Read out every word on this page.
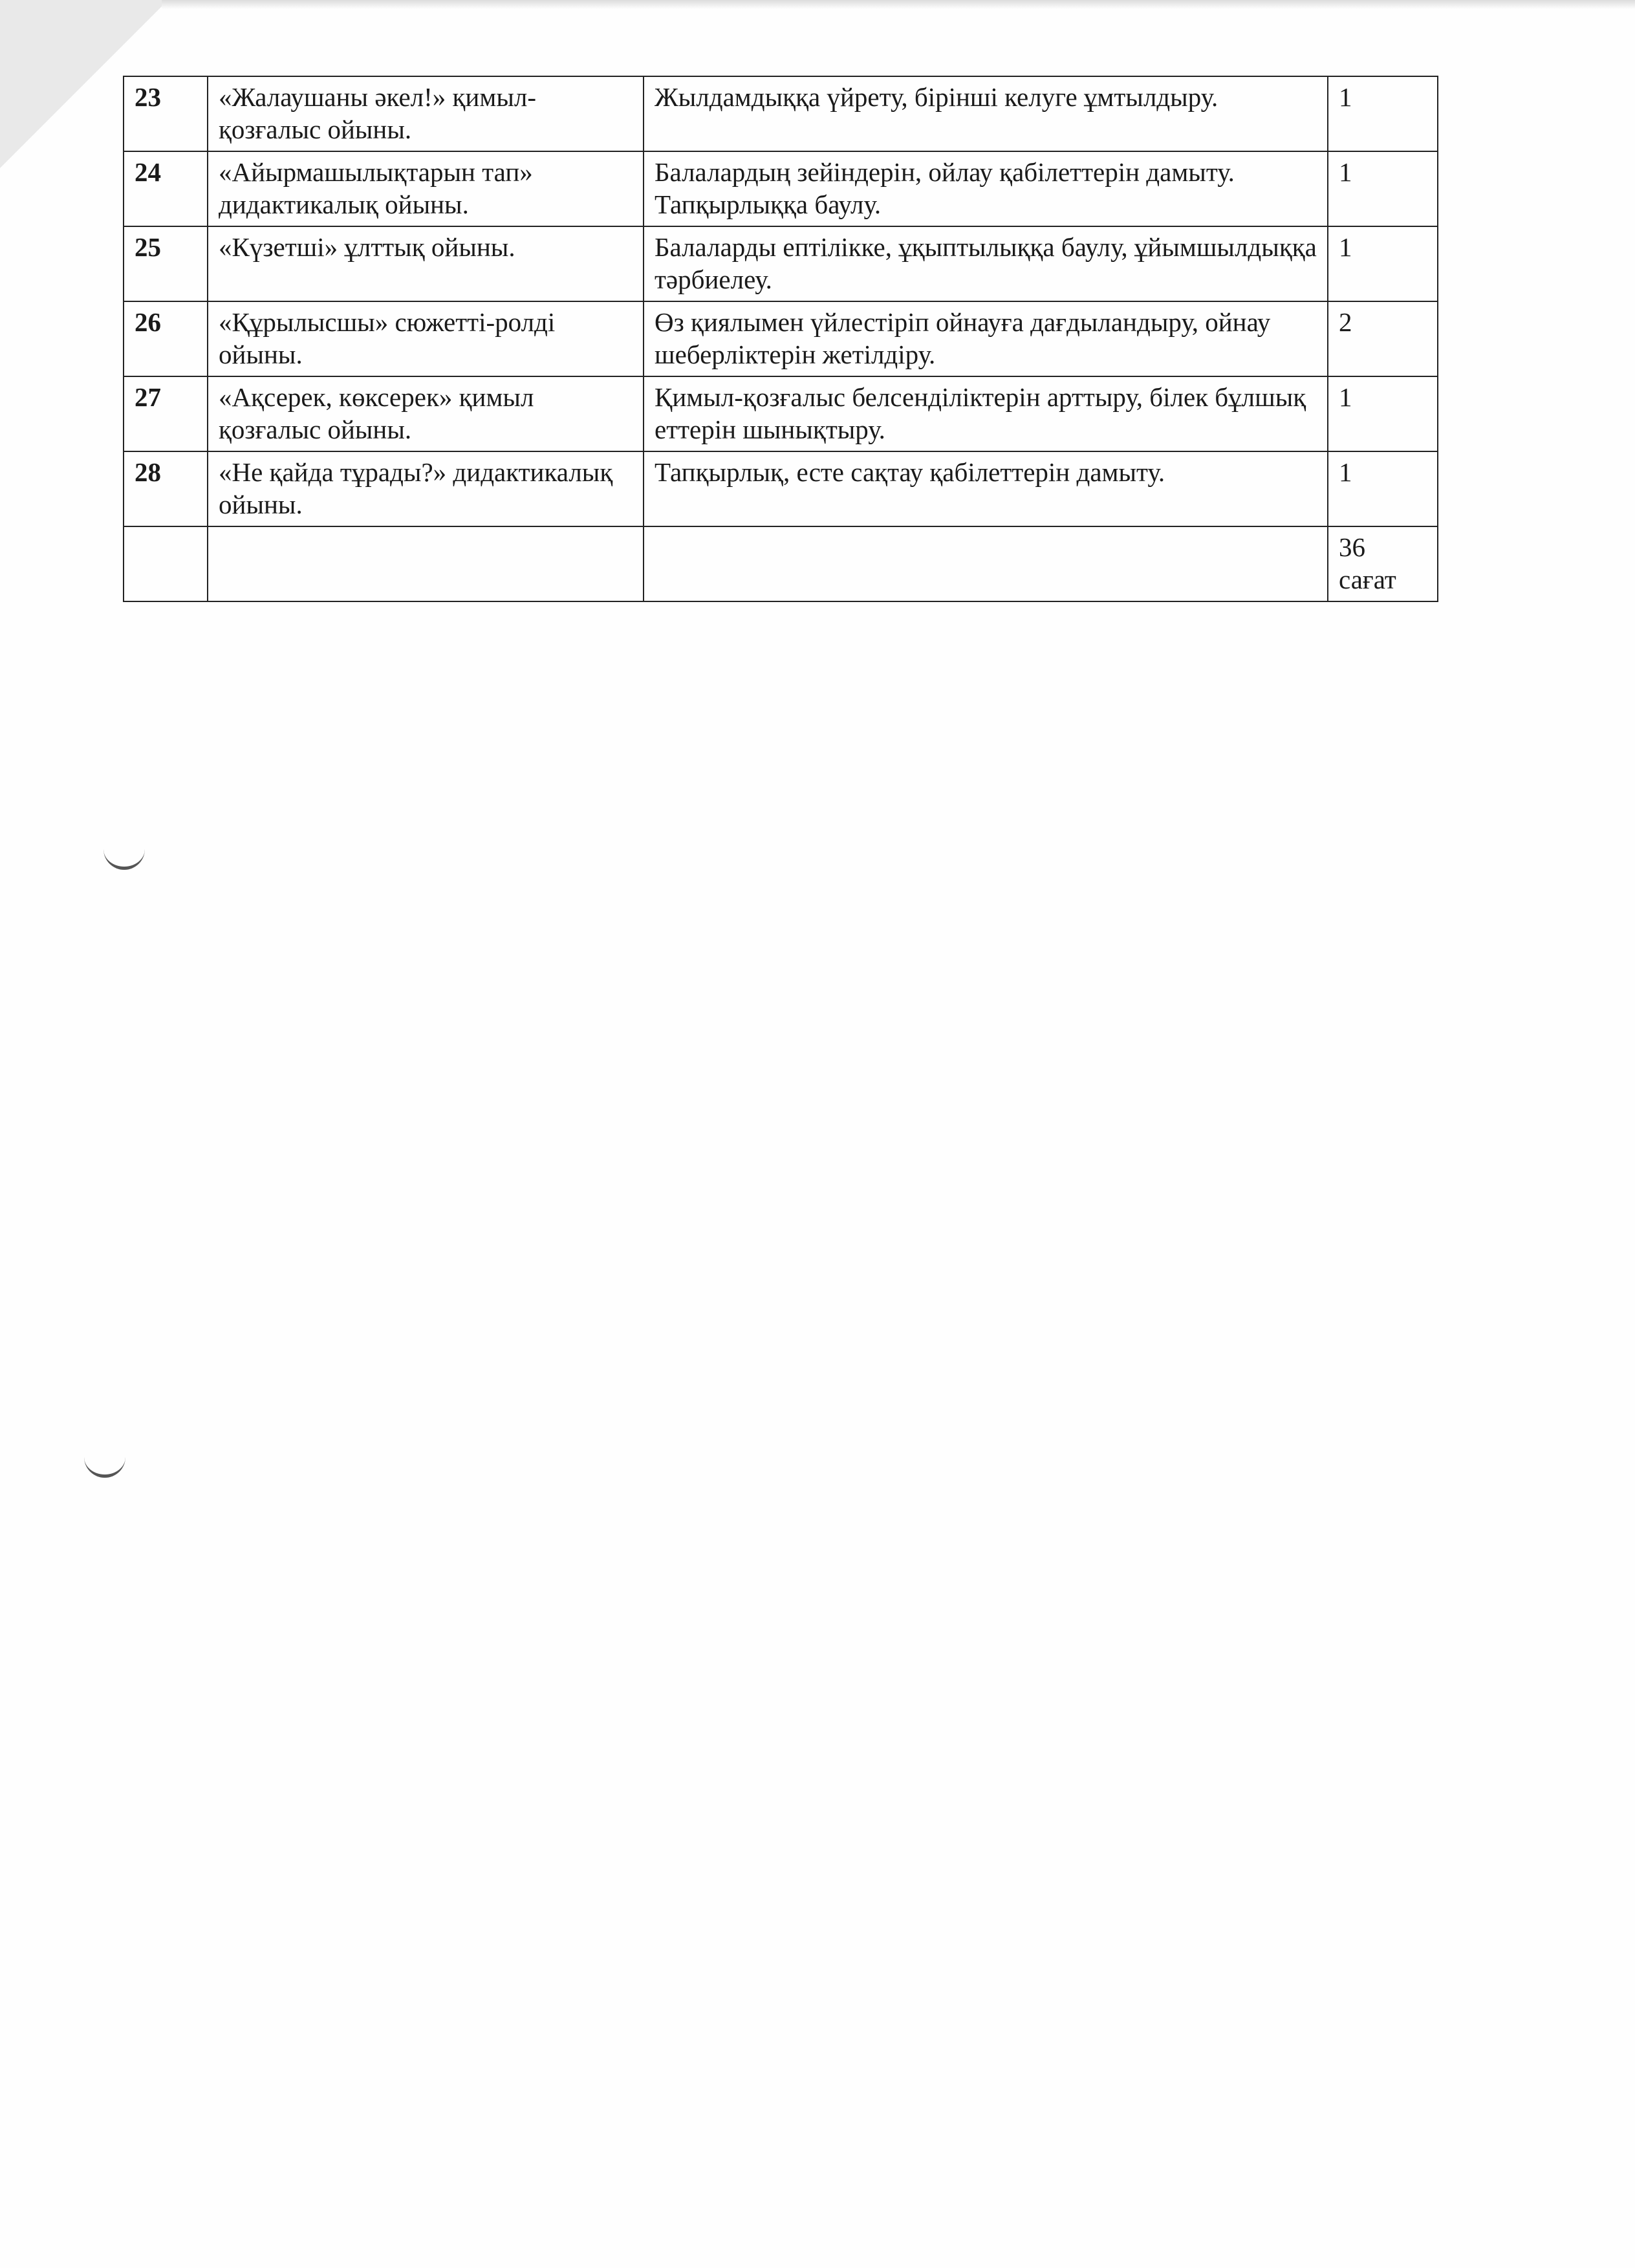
23	«Жалаушаны әкел!» қимыл-қозғалыс ойыны.	Жылдамдыққа үйрету, бірінші келуге ұмтылдыру.	1
24	«Айырмашылықтарын тап» дидактикалық ойыны.	Балалардың зейіндерін, ойлау қабілеттерін дамыту. Тапқырлыққа баулу.	1
25	«Күзетші» ұлттық ойыны.	Балаларды ептілікке, ұқыптылыққа баулу, ұйымшылдыққа тәрбиелеу.	1
26	«Құрылысшы» сюжетті-ролді ойыны.	Өз қиялымен үйлестіріп ойнауға дағдыландыру, ойнау шеберліктерін жетілдіру.	2
27	«Ақсерек, көксерек» қимыл қозғалыс ойыны.	Қимыл-қозғалыс белсенділіктерін арттыру, білек бұлшық еттерін шынықтыру.	1
28	«Не қайда тұрады?» дидактикалық ойыны.	Тапқырлық, есте сақтау қабілеттерін дамыту.	1
			36 сағат
